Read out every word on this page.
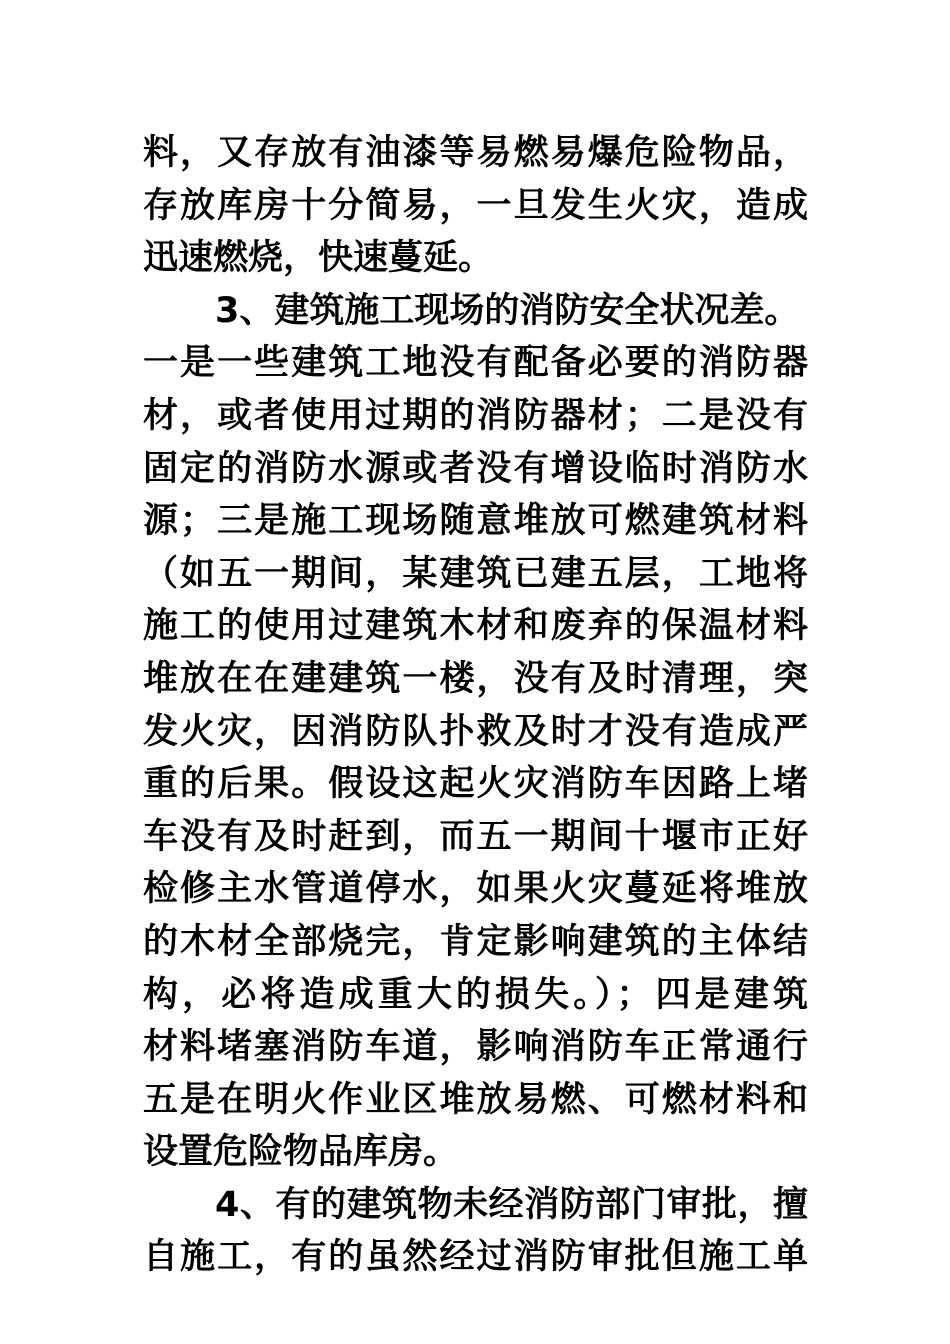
料，又存放有油漆等易燃易爆危险物品，
存放库房十分简易，一旦发生火灾，造成
迅速燃烧，快速蔓延。
3、建筑施工现场的消防安全状况差。
一是一些建筑工地没有配备必要的消防器
材，或者使用过期的消防器材；二是没有
固定的消防水源或者没有增设临时消防水
源；三是施工现场随意堆放可燃建筑材料
（如五一期间，某建筑已建五层，工地将
施工的使用过建筑木材和废弃的保温材料
堆放在在建建筑一楼，没有及时清理，突
发火灾，因消防队扑救及时才没有造成严
重的后果。假设这起火灾消防车因路上堵
车没有及时赶到，而五一期间十堰市正好
检修主水管道停水，如果火灾蔓延将堆放
的木材全部烧完，肯定影响建筑的主体结
构，必将造成重大的损失。）；四是建筑
材料堵塞消防车道，影响消防车正常通行
五是在明火作业区堆放易燃、可燃材料和
设置危险物品库房。
4、有的建筑物未经消防部门审批，擅
自施工，有的虽然经过消防审批但施工单
